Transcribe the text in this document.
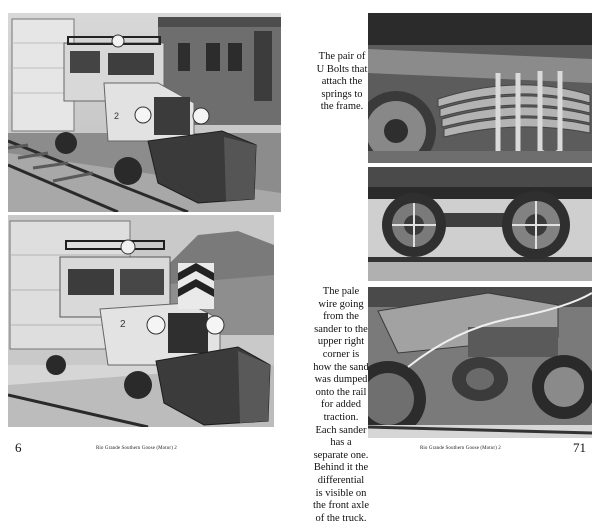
2
2
The pair of U Bolts that attach the springs to the frame.
The pale wire going from the sander to the upper right corner is how the sand was dumped onto the rail for added traction. Each sander has a separate one. Behind it the differential is visible on the front axle of the truck.
6	Rio Grande Southern Goose (Motor) 2	Rio Grande Southern Goose (Motor) 2	71
